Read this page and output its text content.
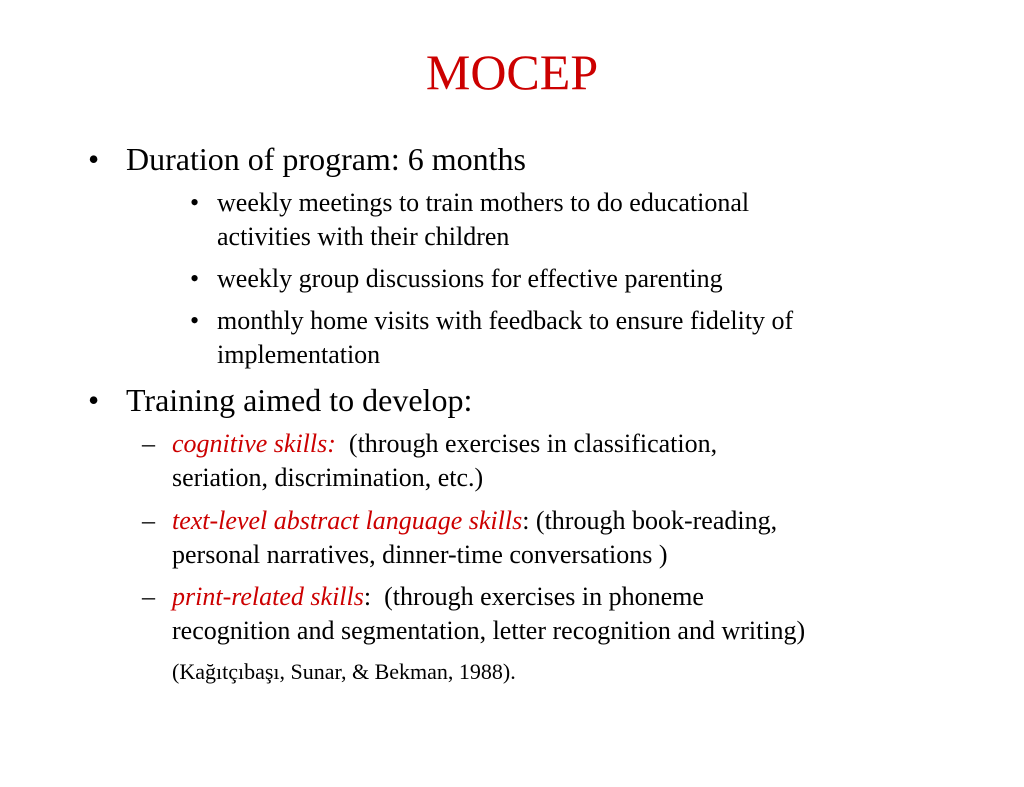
MOCEP
• Duration of program: 6 months
• weekly meetings to train mothers to do educational
activities with their children
• weekly group discussions for effective parenting
• monthly home visits with feedback to ensure fidelity of
implementation
• Training aimed to develop:
– cognitive skills: (through exercises in classification,
seriation, discrimination, etc.)
– text-level abstract language skills: (through book-reading,
personal narratives, dinner-time conversations )
– print-related skills:  (through exercises in phoneme
recognition and segmentation, letter recognition and writing)
(Kağıtçıbaşı, Sunar, & Bekman, 1988).
